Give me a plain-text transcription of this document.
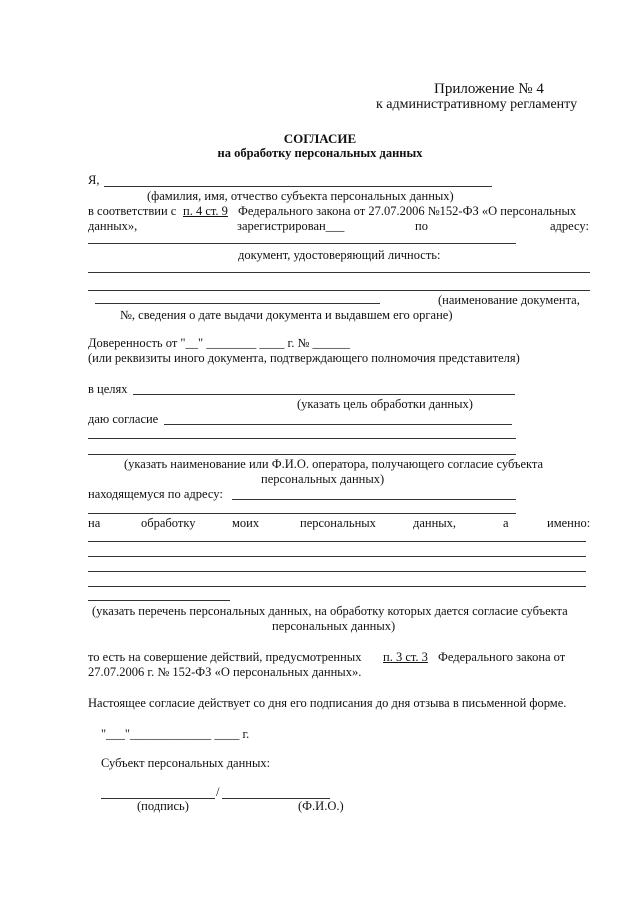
Приложение № 4
к административному регламенту
СОГЛАСИЕ
на обработку персональных данных
Я,
(фамилия, имя, отчество субъекта персональных данных)
в соответствии с п. 4 ст. 9 Федерального закона от 27.07.2006 №152-ФЗ «О персональных
данных»,	зарегистрирован___	по	адресу:
документ, удостоверяющий личность:
(наименование документа,
№, сведения о дате выдачи документа и выдавшем его органе)
Доверенность от "__" ________ ____ г. № ______
(или реквизиты иного документа, подтверждающего полномочия представителя)
в целях
(указать цель обработки данных)
даю согласие
(указать наименование или Ф.И.О. оператора, получающего согласие субъекта
персональных данных)
находящемуся по адресу:
на	обработку	моих	персональных	данных,	а	именно:
(указать перечень персональных данных, на обработку которых дается согласие субъекта
персональных данных)
то есть на совершение действий, предусмотренных п. 3 ст. 3 Федерального закона от
27.07.2006 г. № 152-ФЗ «О персональных данных».
Настоящее согласие действует со дня его подписания до дня отзыва в письменной форме.
"___"_____________ ____ г.
Субъект персональных данных:
/
(подпись)	(Ф.И.О.)
